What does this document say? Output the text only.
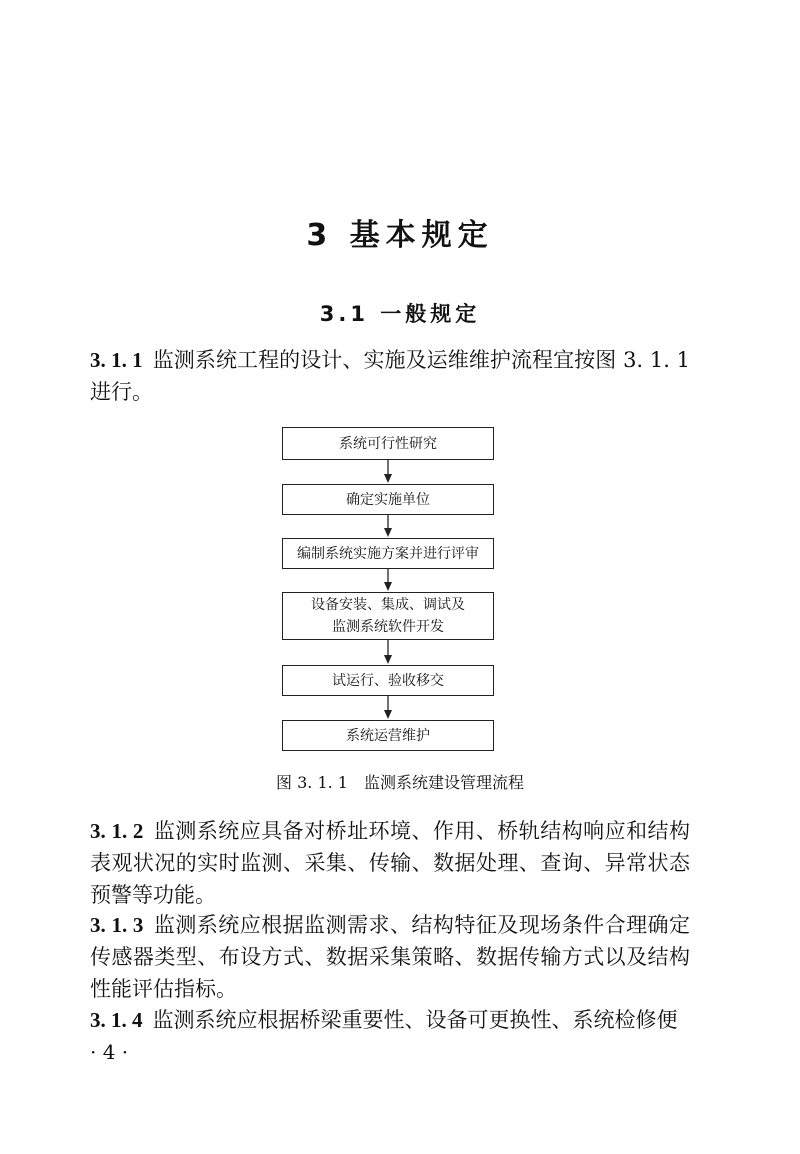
3 基本规定
3.1 一般规定
3. 1. 1 监测系统工程的设计、实施及运维维护流程宜按图 3. 1. 1 进行。
系统可行性研究
确定实施单位
编制系统实施方案并进行评审
设备安装、集成、调试及
监测系统软件开发
试运行、验收移交
系统运营维护
图 3. 1. 1 监测系统建设管理流程
3. 1. 2 监测系统应具备对桥址环境、作用、桥轨结构响应和结构表观状况的实时监测、采集、传输、数据处理、查询、异常状态预警等功能。
3. 1. 3 监测系统应根据监测需求、结构特征及现场条件合理确定传感器类型、布设方式、数据采集策略、数据传输方式以及结构性能评估指标。
3. 1. 4 监测系统应根据桥梁重要性、设备可更换性、系统检修便
· 4 ·
